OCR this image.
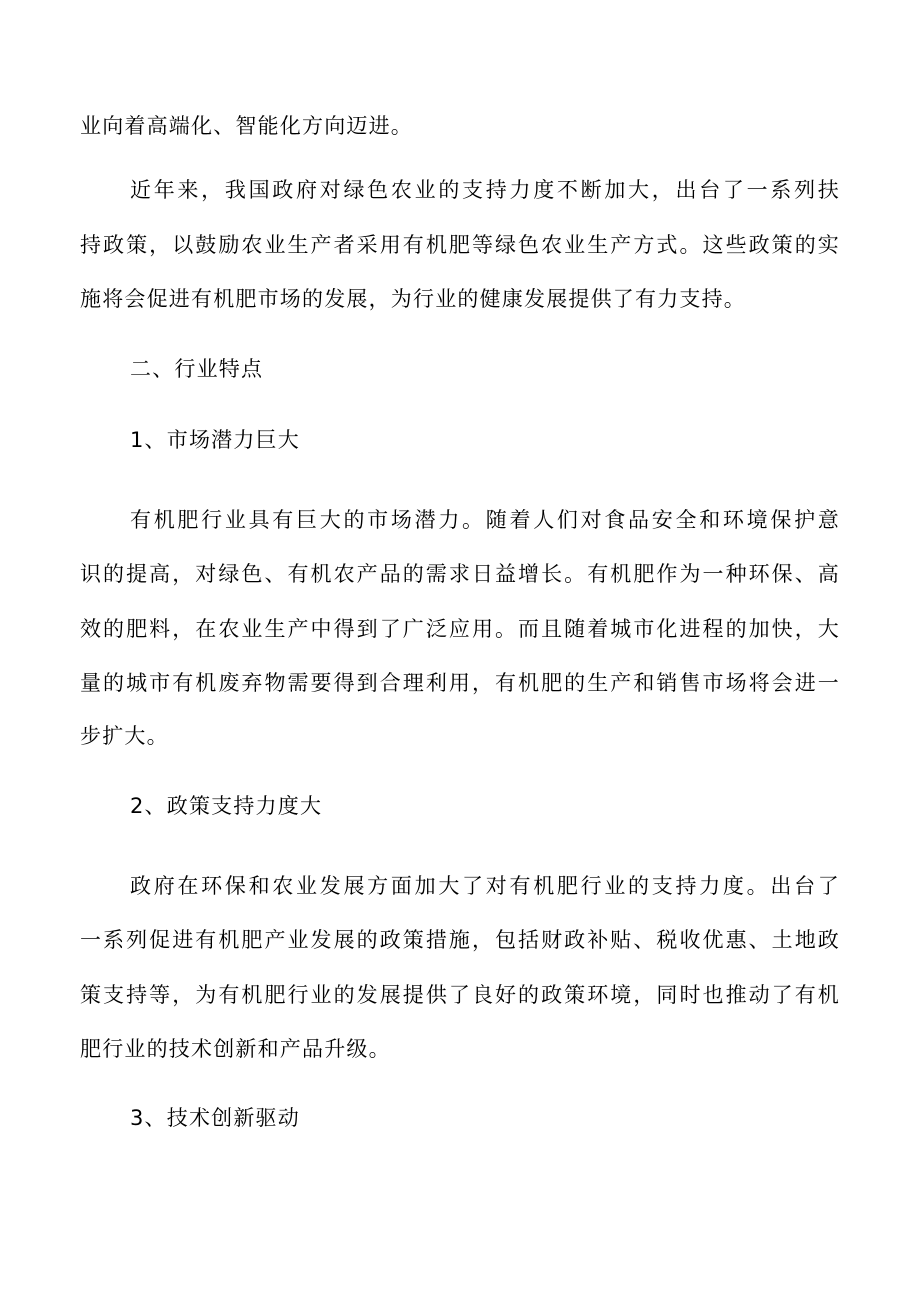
业向着高端化、智能化方向迈进。
近年来，我国政府对绿色农业的支持力度不断加大，出台了一系列扶
持政策，以鼓励农业生产者采用有机肥等绿色农业生产方式。这些政策的实
施将会促进有机肥市场的发展，为行业的健康发展提供了有力支持。
二、行业特点
1、市场潜力巨大
有机肥行业具有巨大的市场潜力。随着人们对食品安全和环境保护意
识的提高，对绿色、有机农产品的需求日益增长。有机肥作为一种环保、高
效的肥料，在农业生产中得到了广泛应用。而且随着城市化进程的加快，大
量的城市有机废弃物需要得到合理利用，有机肥的生产和销售市场将会进一
步扩大。
2、政策支持力度大
政府在环保和农业发展方面加大了对有机肥行业的支持力度。出台了
一系列促进有机肥产业发展的政策措施，包括财政补贴、税收优惠、土地政
策支持等，为有机肥行业的发展提供了良好的政策环境，同时也推动了有机
肥行业的技术创新和产品升级。
3、技术创新驱动
